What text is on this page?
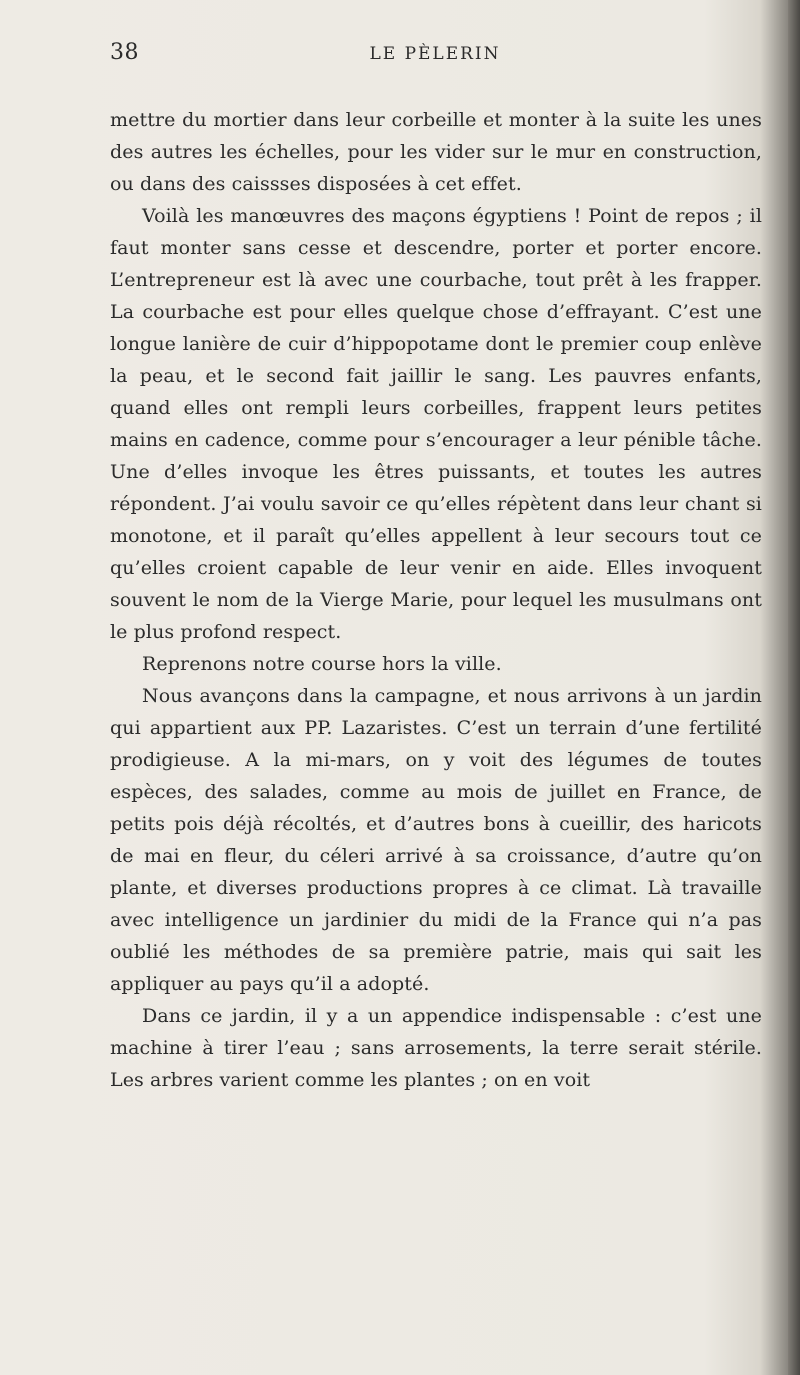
38	LE PÈLERIN

mettre du mortier dans leur corbeille et monter à la suite les unes des autres les échelles, pour les vider sur le mur en construction, ou dans des caissses disposées à cet effet.

Voilà les manœuvres des maçons égyptiens ! Point de repos ; il faut monter sans cesse et descendre, porter et porter encore. L’entrepreneur est là avec une courbache, tout prêt à les frapper. La courbache est pour elles quelque chose d’effrayant. C’est une longue lanière de cuir d’hippopotame dont le premier coup enlève la peau, et le second fait jaillir le sang. Les pauvres enfants, quand elles ont rempli leurs corbeilles, frappent leurs petites mains en cadence, comme pour s’encourager a leur pénible tâche. Une d’elles invoque les êtres puissants, et toutes les autres répondent. J’ai voulu savoir ce qu’elles répètent dans leur chant si monotone, et il paraît qu’elles appellent à leur secours tout ce qu’elles croient capable de leur venir en aide. Elles invoquent souvent le nom de la Vierge Marie, pour lequel les musulmans ont le plus profond respect.

Reprenons notre course hors la ville.

Nous avançons dans la campagne, et nous arrivons à un jardin qui appartient aux PP. Lazaristes. C’est un terrain d’une fertilité prodigieuse. A la mi-mars, on y voit des légumes de toutes espèces, des salades, comme au mois de juillet en France, de petits pois déjà récoltés, et d’autres bons à cueillir, des haricots de mai en fleur, du céleri arrivé à sa croissance, d’autre qu’on plante, et diverses productions propres à ce climat. Là travaille avec intelligence un jardinier du midi de la France qui n’a pas oublié les méthodes de sa première patrie, mais qui sait les appliquer au pays qu’il a adopté.

Dans ce jardin, il y a un appendice indispensable : c’est une machine à tirer l’eau ; sans arrosements, la terre serait stérile. Les arbres varient comme les plantes ; on en voit
